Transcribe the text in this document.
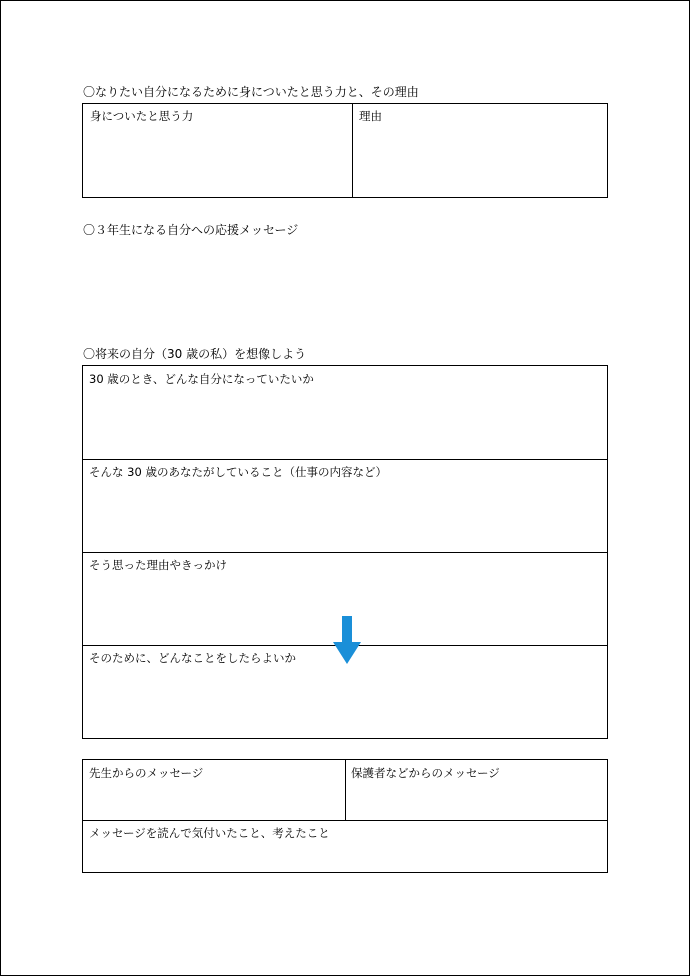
〇なりたい自分になるために身についたと思う力と、その理由
身についたと思う力	理由
〇３年生になる自分への応援メッセージ
〇将来の自分（30 歳の私）を想像しよう
30 歳のとき、どんな自分になっていたいか
そんな 30 歳のあなたがしていること（仕事の内容など）
そう思った理由やきっかけ
そのために、どんなことをしたらよいか
先生からのメッセージ	保護者などからのメッセージ
メッセージを読んで気付いたこと、考えたこと
